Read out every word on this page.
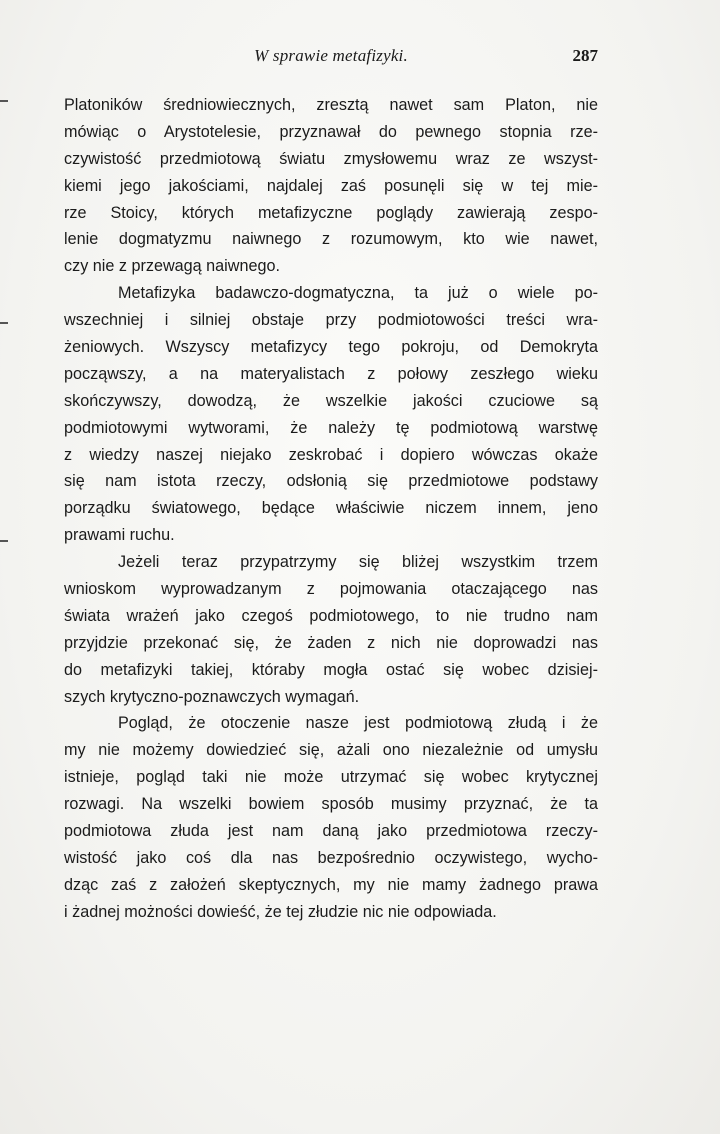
W sprawie metafizyki.	287
Platoników średniowiecznych, zresztą nawet sam Platon, nie
mówiąc o Arystotelesie, przyznawał do pewnego stopnia rze-
czywistość przedmiotową światu zmysłowemu wraz ze wszyst-
kiemi jego jakościami, najdalej zaś posunęli się w tej mie-
rze Stoicy, których metafizyczne poglądy zawierają zespo-
lenie dogmatyzmu naiwnego z rozumowym, kto wie nawet,
czy nie z przewagą naiwnego.
Metafizyka badawczo-dogmatyczna, ta już o wiele po-
wszechniej i silniej obstaje przy podmiotowości treści wra-
żeniowych. Wszyscy metafizycy tego pokroju, od Demokryta
począwszy, a na materyalistach z połowy zeszłego wieku
skończywszy, dowodzą, że wszelkie jakości czuciowe są
podmiotowymi wytworami, że należy tę podmiotową warstwę
z wiedzy naszej niejako zeskrobać i dopiero wówczas okaże
się nam istota rzeczy, odsłonią się przedmiotowe podstawy
porządku światowego, będące właściwie niczem innem, jeno
prawami ruchu.
Jeżeli teraz przypatrzymy się bliżej wszystkim trzem
wnioskom wyprowadzanym z pojmowania otaczającego nas
świata wrażeń jako czegoś podmiotowego, to nie trudno nam
przyjdzie przekonać się, że żaden z nich nie doprowadzi nas
do metafizyki takiej, któraby mogła ostać się wobec dzisiej-
szych krytyczno-poznawczych wymagań.
Pogląd, że otoczenie nasze jest podmiotową złudą i że
my nie możemy dowiedzieć się, ażali ono niezależnie od umysłu
istnieje, pogląd taki nie może utrzymać się wobec krytycznej
rozwagi. Na wszelki bowiem sposób musimy przyznać, że ta
podmiotowa złuda jest nam daną jako przedmiotowa rzeczy-
wistość jako coś dla nas bezpośrednio oczywistego, wycho-
dząc zaś z założeń skeptycznych, my nie mamy żadnego prawa
i żadnej możności dowieść, że tej złudzie nic nie odpowiada.
